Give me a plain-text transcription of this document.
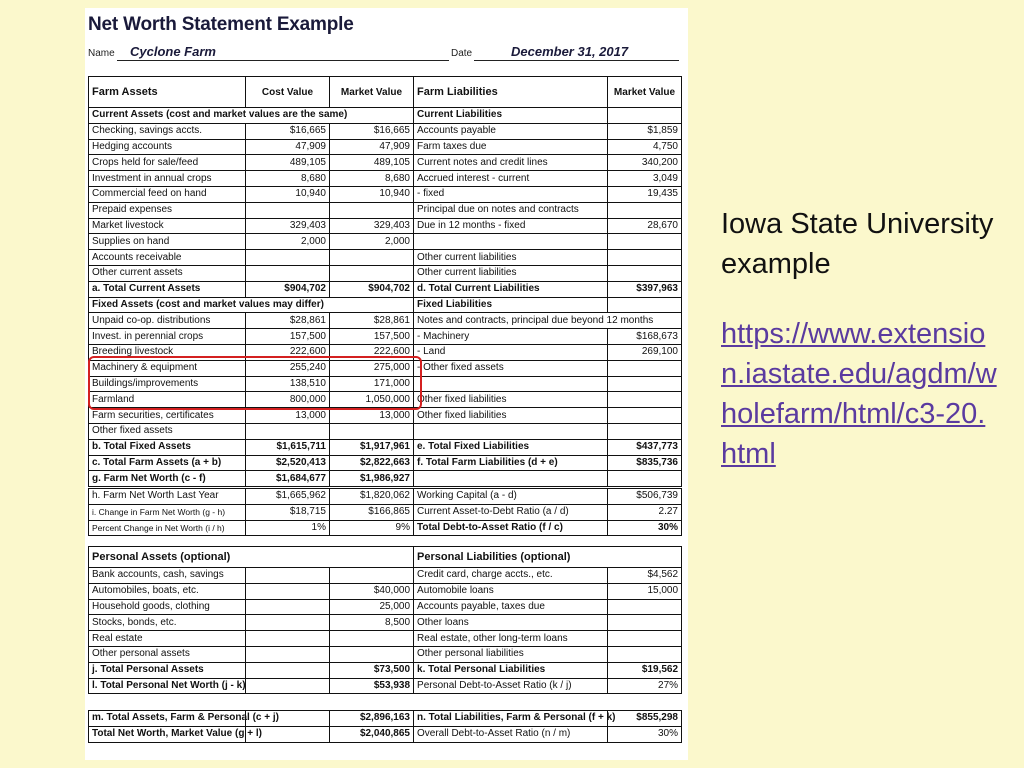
Net Worth Statement Example
Name Cyclone Farm	Date	December 31, 2017
Farm Assets	Cost Value	Market Value	Farm Liabilities	Market Value
Current Assets (cost and market values are the same)			Current Liabilities	
Checking, savings accts.	$16,665	$16,665	Accounts payable	$1,859
Hedging accounts	47,909	47,909	Farm taxes due	4,750
Crops held for sale/feed	489,105	489,105	Current notes and credit lines	340,200
Investment in annual crops	8,680	8,680	Accrued interest - current	3,049
Commercial feed on hand	10,940	10,940	- fixed	19,435
Prepaid expenses			Principal due on notes and contracts	
Market livestock	329,403	329,403	Due in 12 months - fixed	28,670
Supplies on hand	2,000	2,000		
Accounts receivable			Other current liabilities	
Other current assets			Other current liabilities	
a. Total Current Assets	$904,702	$904,702	d. Total Current Liabilities	$397,963
Fixed Assets (cost and market values may differ)			Fixed Liabilities	
Unpaid co-op. distributions	$28,861	$28,861	Notes and contracts, principal due beyond 12 months	
Invest. in perennial crops	157,500	157,500	- Machinery	$168,673
Breeding livestock	222,600	222,600	- Land	269,100
Machinery & equipment	255,240	275,000	- Other fixed assets	
Buildings/improvements	138,510	171,000		
Farmland	800,000	1,050,000	Other fixed liabilities	
Farm securities, certificates	13,000	13,000	Other fixed liabilities	
Other fixed assets				
b. Total Fixed Assets	$1,615,711	$1,917,961	e. Total Fixed Liabilities	$437,773
c. Total Farm Assets (a + b)	$2,520,413	$2,822,663	f. Total Farm Liabilities (d + e)	$835,736
g. Farm Net Worth (c - f)	$1,684,677	$1,986,927		
h. Farm Net Worth Last Year	$1,665,962	$1,820,062	Working Capital (a - d)	$506,739
i. Change in Farm Net Worth (g - h)	$18,715	$166,865	Current Asset-to-Debt Ratio (a / d)	2.27
Percent Change in Net Worth (i / h)	1%	9%	Total Debt-to-Asset Ratio (f / c)	30%
Personal Assets (optional)			Personal Liabilities (optional)	
Bank accounts, cash, savings			Credit card, charge accts., etc.	$4,562
Automobiles, boats, etc.		$40,000	Automobile loans	15,000
Household goods, clothing		25,000	Accounts payable, taxes due	
Stocks, bonds, etc.		8,500	Other loans	
Real estate			Real estate, other long-term loans	
Other personal assets			Other personal liabilities	
j. Total Personal Assets		$73,500	k. Total Personal Liabilities	$19,562
l. Total Personal Net Worth (j - k)		$53,938	Personal Debt-to-Asset Ratio (k / j)	27%
m. Total Assets, Farm & Personal (c + j)		$2,896,163	n. Total Liabilities, Farm & Personal (f + k)	$855,298
Total Net Worth, Market Value (g + l)		$2,040,865	Overall Debt-to-Asset Ratio (n / m)	30%
Iowa State University example
https://www.extension.iastate.edu/agdm/wholefarm/html/c3-20.html
